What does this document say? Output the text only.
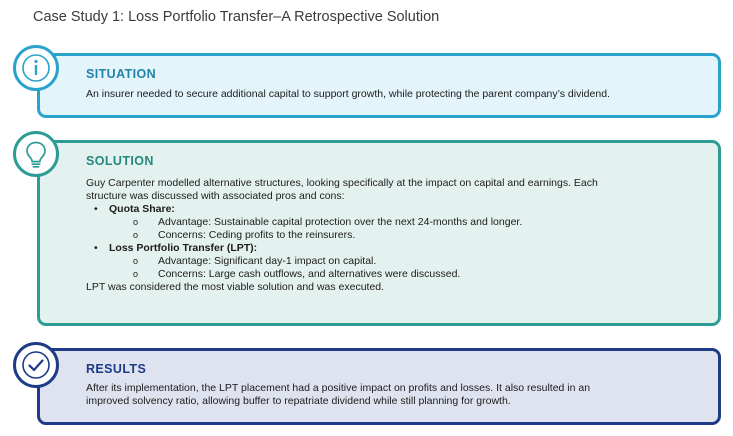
Case Study 1: Loss Portfolio Transfer–A Retrospective Solution
SITUATION
An insurer needed to secure additional capital to support growth, while protecting the parent company’s dividend.
SOLUTION
Guy Carpenter modelled alternative structures, looking specifically at the impact on capital and earnings. Each
structure was discussed with associated pros and cons:
• Quota Share:
o Advantage: Sustainable capital protection over the next 24-months and longer.
o Concerns: Ceding profits to the reinsurers.
• Loss Portfolio Transfer (LPT):
o Advantage: Significant day-1 impact on capital.
o Concerns: Large cash outflows, and alternatives were discussed.
LPT was considered the most viable solution and was executed.
RESULTS
After its implementation, the LPT placement had a positive impact on profits and losses. It also resulted in an
improved solvency ratio, allowing buffer to repatriate dividend while still planning for growth.
